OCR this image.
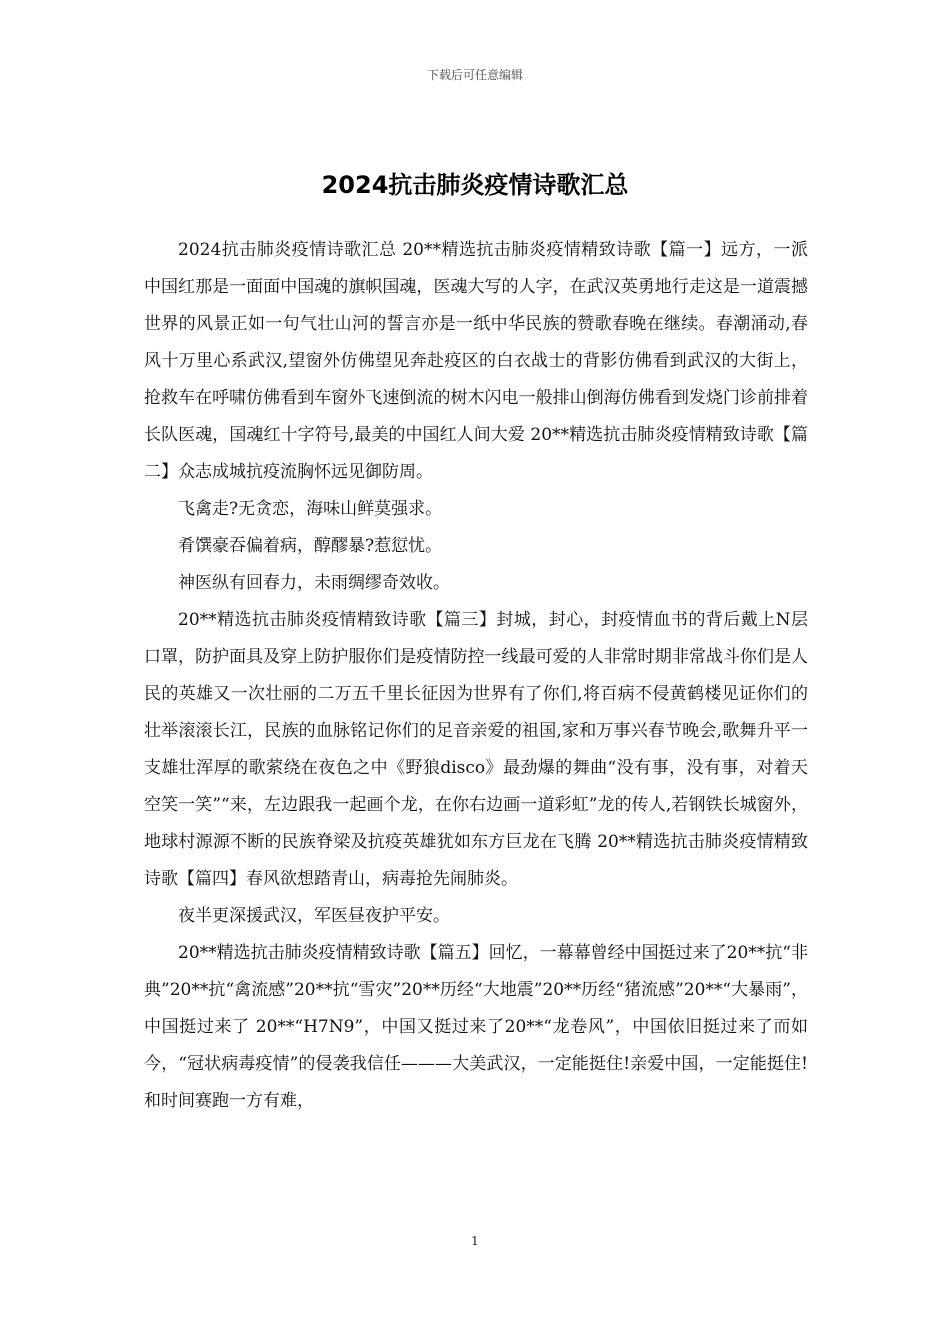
下载后可任意编辑
2024抗击肺炎疫情诗歌汇总

2024抗击肺炎疫情诗歌汇总 20**精选抗击肺炎疫情精致诗歌【篇一】远方，一派中国红那是一面面中国魂的旗帜国魂，医魂大写的人字，在武汉英勇地行走这是一道震撼世界的风景正如一句气壮山河的誓言亦是一纸中华民族的赞歌春晚在继续。春潮涌动,春风十万里心系武汉,望窗外仿佛望见奔赴疫区的白衣战士的背影仿佛看到武汉的大街上，抢救车在呼啸仿佛看到车窗外飞速倒流的树木闪电一般排山倒海仿佛看到发烧门诊前排着长队医魂，国魂红十字符号,最美的中国红人间大爱 20**精选抗击肺炎疫情精致诗歌【篇二】众志成城抗疫流胸怀远见御防周。

飞禽走?无贪恋，海味山鲜莫强求。

肴馔豪吞偏着病，醇醪暴?惹愆忧。

神医纵有回春力，未雨绸缪奇效收。

20**精选抗击肺炎疫情精致诗歌【篇三】封城，封心，封疫情血书的背后戴上N层口罩，防护面具及穿上防护服你们是疫情防控一线最可爱的人非常时期非常战斗你们是人民的英雄又一次壮丽的二万五千里长征因为世界有了你们,将百病不侵黄鹤楼见证你们的壮举滚滚长江，民族的血脉铭记你们的足音亲爱的祖国,家和万事兴春节晚会,歌舞升平一支雄壮浑厚的歌萦绕在夜色之中《野狼disco》最劲爆的舞曲“没有事，没有事，对着天空笑一笑”“来，左边跟我一起画个龙，在你右边画一道彩虹”龙的传人,若钢铁长城窗外，地球村源源不断的民族脊梁及抗疫英雄犹如东方巨龙在飞腾 20**精选抗击肺炎疫情精致诗歌【篇四】春风欲想踏青山，病毒抢先闹肺炎。

夜半更深援武汉，军医昼夜护平安。

20**精选抗击肺炎疫情精致诗歌【篇五】回忆，一幕幕曾经中国挺过来了20**抗“非典”20**抗“禽流感”20**抗“雪灾”20**历经“大地震”20**历经“猪流感”20**“大暴雨”，中国挺过来了 20**“H7N9”，中国又挺过来了20**“龙卷风”，中国依旧挺过来了而如今，“冠状病毒疫情”的侵袭我信任———大美武汉，一定能挺住!亲爱中国，一定能挺住!和时间赛跑一方有难，

1
